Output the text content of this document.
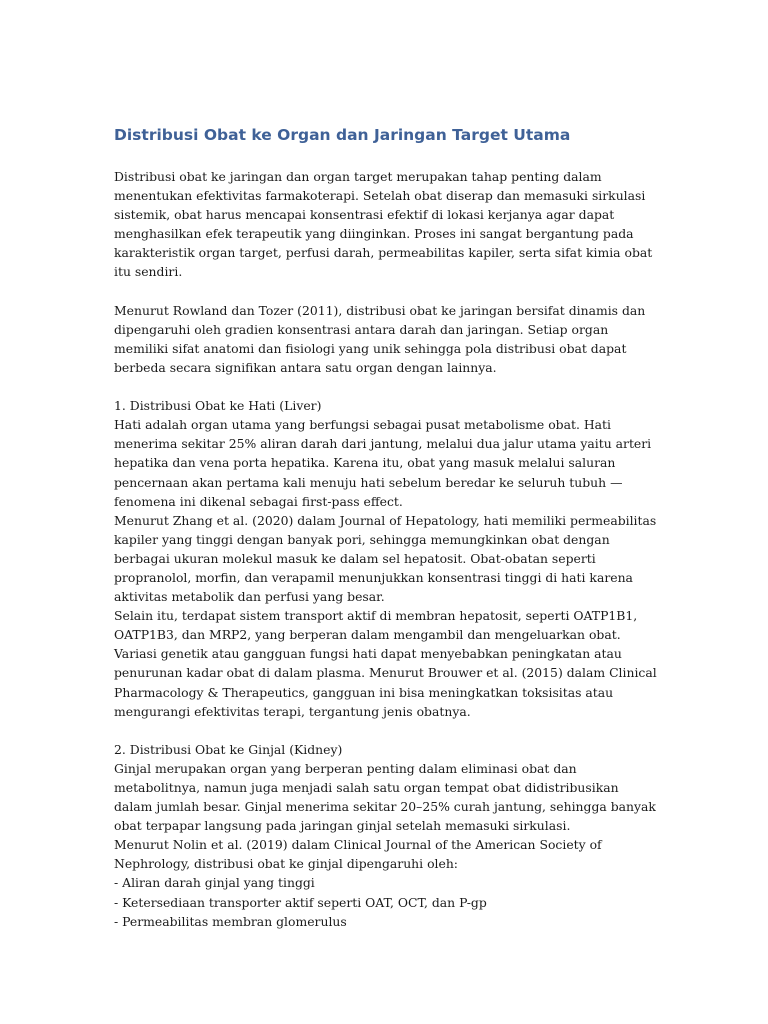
Distribusi Obat ke Organ dan Jaringan Target Utama

Distribusi obat ke jaringan dan organ target merupakan tahap penting dalam menentukan efektivitas farmakoterapi. Setelah obat diserap dan memasuki sirkulasi sistemik, obat harus mencapai konsentrasi efektif di lokasi kerjanya agar dapat menghasilkan efek terapeutik yang diinginkan. Proses ini sangat bergantung pada karakteristik organ target, perfusi darah, permeabilitas kapiler, serta sifat kimia obat itu sendiri.

Menurut Rowland dan Tozer (2011), distribusi obat ke jaringan bersifat dinamis dan dipengaruhi oleh gradien konsentrasi antara darah dan jaringan. Setiap organ memiliki sifat anatomi dan fisiologi yang unik sehingga pola distribusi obat dapat berbeda secara signifikan antara satu organ dengan lainnya.

1. Distribusi Obat ke Hati (Liver)

Hati adalah organ utama yang berfungsi sebagai pusat metabolisme obat. Hati menerima sekitar 25% aliran darah dari jantung, melalui dua jalur utama yaitu arteri hepatika dan vena porta hepatika. Karena itu, obat yang masuk melalui saluran pencernaan akan pertama kali menuju hati sebelum beredar ke seluruh tubuh — fenomena ini dikenal sebagai first-pass effect.

Menurut Zhang et al. (2020) dalam Journal of Hepatology, hati memiliki permeabilitas kapiler yang tinggi dengan banyak pori, sehingga memungkinkan obat dengan berbagai ukuran molekul masuk ke dalam sel hepatosit. Obat-obatan seperti propranolol, morfin, dan verapamil menunjukkan konsentrasi tinggi di hati karena aktivitas metabolik dan perfusi yang besar.

Selain itu, terdapat sistem transport aktif di membran hepatosit, seperti OATP1B1, OATP1B3, dan MRP2, yang berperan dalam mengambil dan mengeluarkan obat. Variasi genetik atau gangguan fungsi hati dapat menyebabkan peningkatan atau penurunan kadar obat di dalam plasma. Menurut Brouwer et al. (2015) dalam Clinical Pharmacology & Therapeutics, gangguan ini bisa meningkatkan toksisitas atau mengurangi efektivitas terapi, tergantung jenis obatnya.

2. Distribusi Obat ke Ginjal (Kidney)

Ginjal merupakan organ yang berperan penting dalam eliminasi obat dan metabolitnya, namun juga menjadi salah satu organ tempat obat didistribusikan dalam jumlah besar. Ginjal menerima sekitar 20–25% curah jantung, sehingga banyak obat terpapar langsung pada jaringan ginjal setelah memasuki sirkulasi.

Menurut Nolin et al. (2019) dalam Clinical Journal of the American Society of Nephrology, distribusi obat ke ginjal dipengaruhi oleh:

- Aliran darah ginjal yang tinggi

- Ketersediaan transporter aktif seperti OAT, OCT, dan P-gp

- Permeabilitas membran glomerulus
